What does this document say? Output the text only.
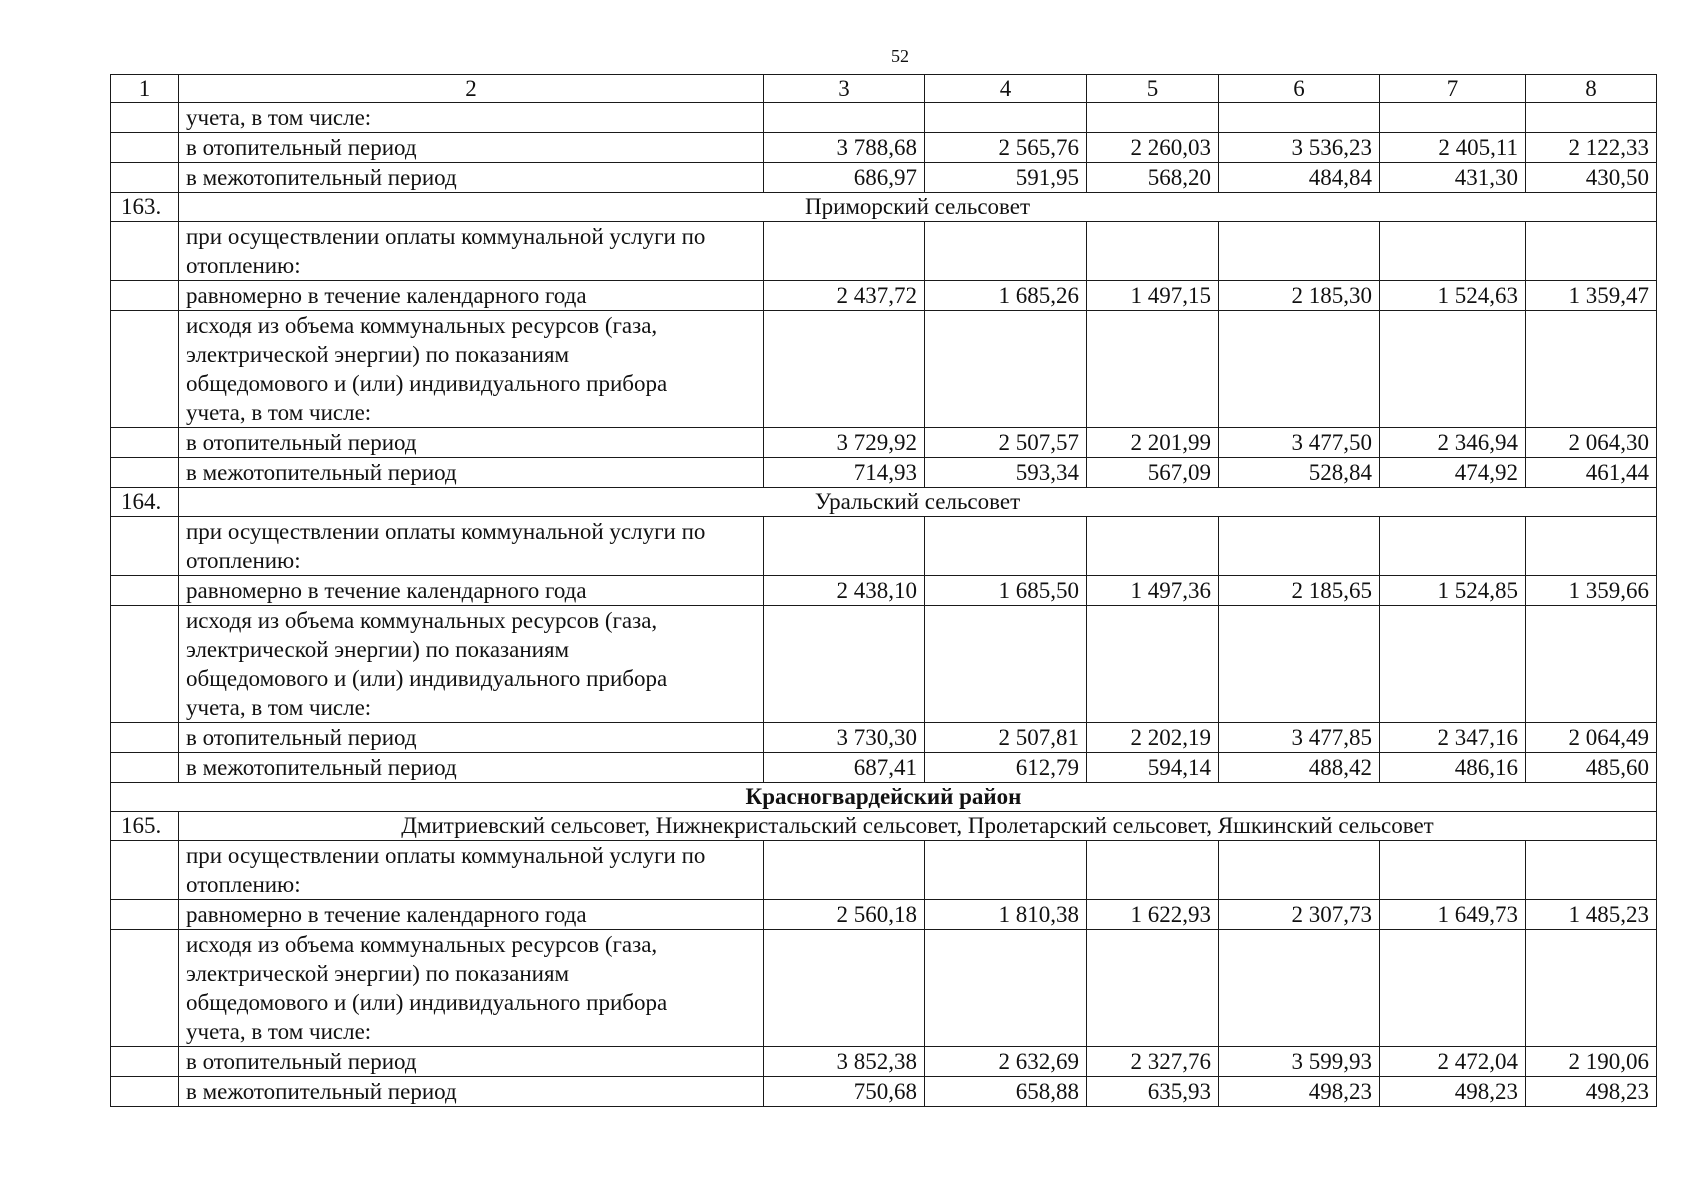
52
1	2	3	4	5	6	7	8

	учета, в том числе:						

	в отопительный период	3 788,68	2 565,76	2 260,03	3 536,23	2 405,11	2 122,33

	в межотопительный период	686,97	591,95	568,20	484,84	431,30	430,50
163.	Приморский сельсовет						

	при осуществлении оплаты коммунальной услуги по
отоплению:						

	равномерно в течение календарного года	2 437,72	1 685,26	1 497,15	2 185,30	1 524,63	1 359,47

	исходя из объема коммунальных ресурсов (газа,
электрической энергии) по показаниям
общедомового и (или) индивидуального прибора
учета, в том числе:						

	в отопительный период	3 729,92	2 507,57	2 201,99	3 477,50	2 346,94	2 064,30

	в межотопительный период	714,93	593,34	567,09	528,84	474,92	461,44
164.	Уральский сельсовет						

	при осуществлении оплаты коммунальной услуги по
отоплению:						

	равномерно в течение календарного года	2 438,10	1 685,50	1 497,36	2 185,65	1 524,85	1 359,66

	исходя из объема коммунальных ресурсов (газа,
электрической энергии) по показаниям
общедомового и (или) индивидуального прибора
учета, в том числе:						

	в отопительный период	3 730,30	2 507,81	2 202,19	3 477,85	2 347,16	2 064,49

	в межотопительный период	687,41	612,79	594,14	488,42	486,16	485,60
Красногвардейский район							
165.	Дмитриевский сельсовет, Нижнекристальский сельсовет, Пролетарский сельсовет, Яшкинский сельсовет						

	при осуществлении оплаты коммунальной услуги по
отоплению:						

	равномерно в течение календарного года	2 560,18	1 810,38	1 622,93	2 307,73	1 649,73	1 485,23

	исходя из объема коммунальных ресурсов (газа,
электрической энергии) по показаниям
общедомового и (или) индивидуального прибора
учета, в том числе:						

	в отопительный период	3 852,38	2 632,69	2 327,76	3 599,93	2 472,04	2 190,06

	в межотопительный период	750,68	658,88	635,93	498,23	498,23	498,23
